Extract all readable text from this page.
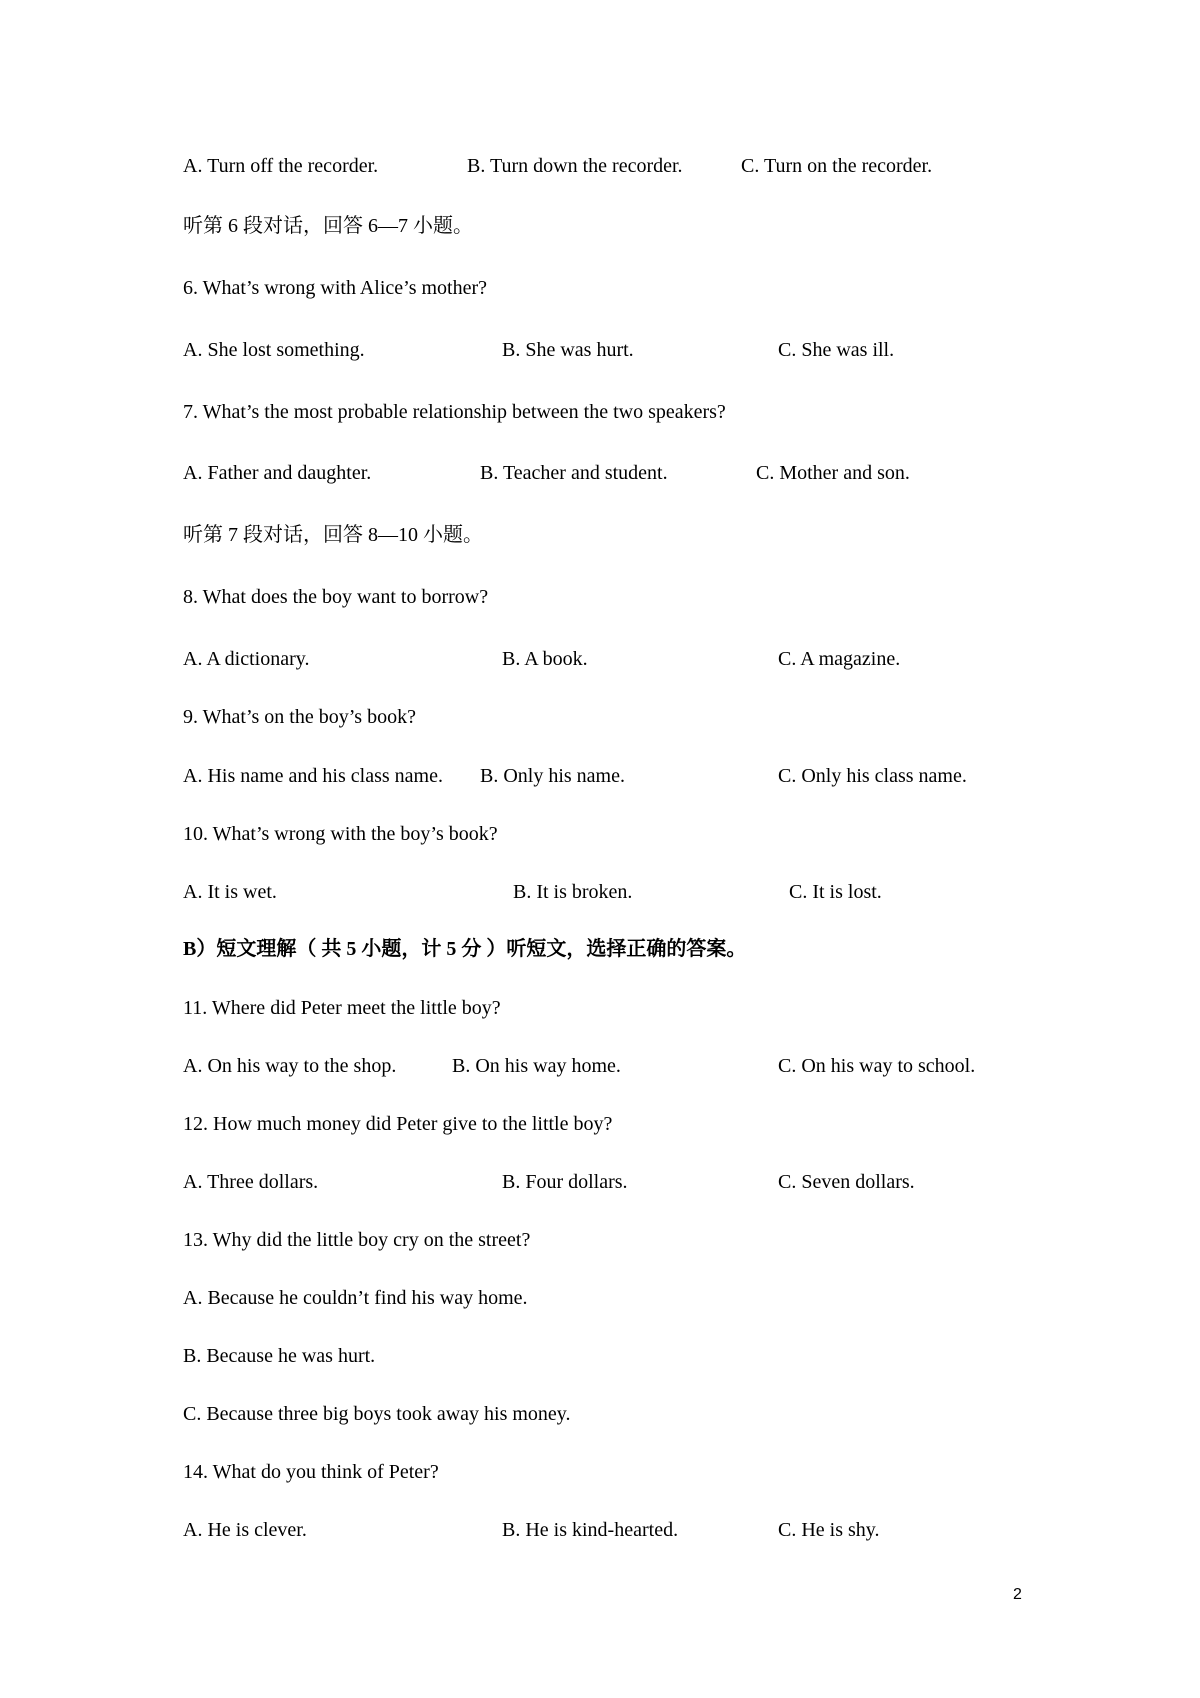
A. Turn off the recorder.	B. Turn down the recorder.	C. Turn on the recorder.
听第 6 段对话，回答 6—7 小题。
6. What’s wrong with Alice’s mother?
A. She lost something.	B. She was hurt.	C. She was ill.
7. What’s the most probable relationship between the two speakers?
A. Father and daughter.	B. Teacher and student.	C. Mother and son.
听第 7 段对话，回答 8—10 小题。
8. What does the boy want to borrow?
A. A dictionary.	B. A book.	C. A magazine.
9. What’s on the boy’s book?
A. His name and his class name. B. Only his name.	C. Only his class name.
10. What’s wrong with the boy’s book?
A. It is wet.	B. It is broken.	C. It is lost.
B）短文理解（ 共 5 小题，计 5 分 ）听短文，选择正确的答案。
11. Where did Peter meet the little boy?
A. On his way to the shop.	B. On his way home.	C. On his way to school.
12. How much money did Peter give to the little boy?
A. Three dollars.	B. Four dollars.	C. Seven dollars.
13. Why did the little boy cry on the street?
A. Because he couldn’t find his way home.
B. Because he was hurt.
C. Because three big boys took away his money.
14. What do you think of Peter?
A. He is clever.	B. He is kind-hearted.	C. He is shy.
2
